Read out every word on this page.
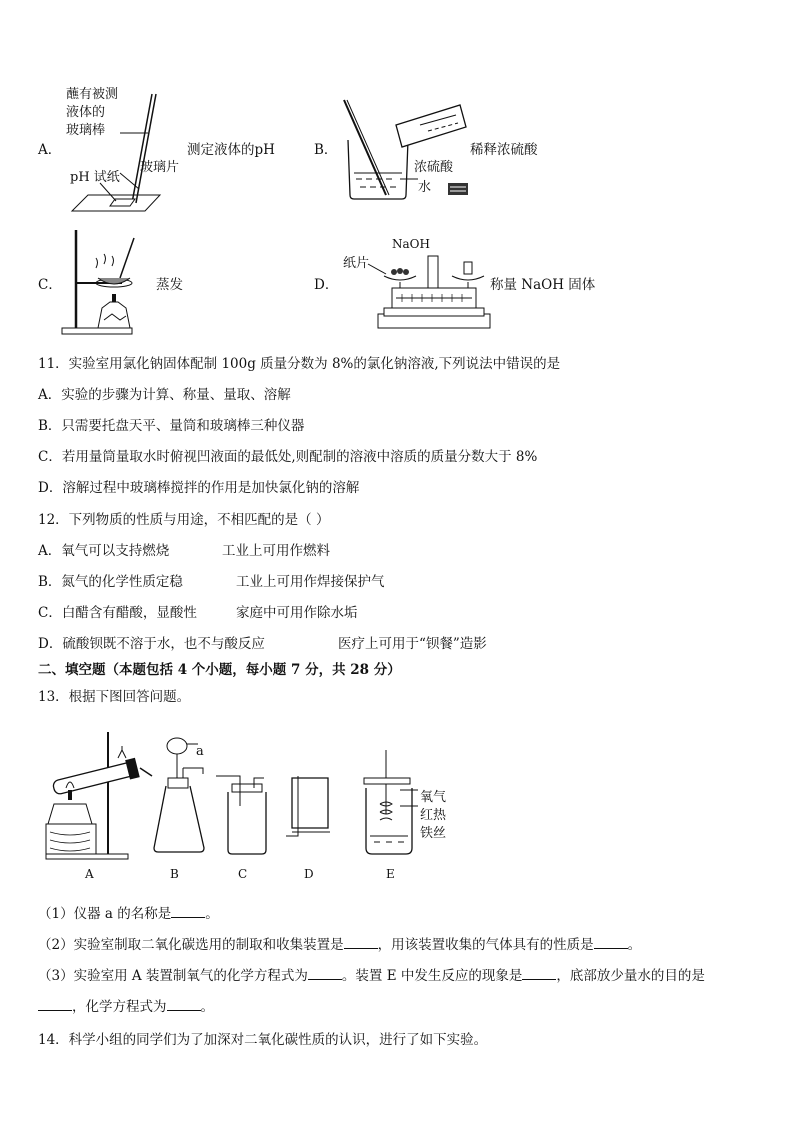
蘸有被测
液体的
玻璃棒
A．	测定液体的pH
玻璃片
pH 试纸
B．	稀释浓硫酸
浓硫酸
水
C．	蒸发	D．
NaOH
纸片
称量 NaOH 固体
11．实验室用氯化钠固体配制 100g 质量分数为 8%的氯化钠溶液,下列说法中错误的是
A．实验的步骤为计算、称量、量取、溶解
B．只需要托盘天平、量筒和玻璃棒三种仪器
C．若用量筒量取水时俯视凹液面的最低处,则配制的溶液中溶质的质量分数大于 8%
D．溶解过程中玻璃棒搅拌的作用是加快氯化钠的溶解
12．下列物质的性质与用途，不相匹配的是（ ）
A．氧气可以支持燃烧	工业上可用作燃料
B．氮气的化学性质定稳	工业上可用作焊接保护气
C．白醋含有醋酸，显酸性	家庭中可用作除水垢
D．硫酸钡既不溶于水，也不与酸反应	医疗上可用于“钡餐”造影
二、填空题（本题包括 4 个小题，每小题 7 分，共 28 分）
13．根据下图回答问题。
a
氧气
红热
铁丝
A	B	C	D	E
（1）仪器 a 的名称是	。
（2）实验室制取二氧化碳选用的制取和收集装置是	，用该装置收集的气体具有的性质是	。
（3）实验室用 A 装置制氧气的化学方程式为	。装置 E 中发生反应的现象是	，底部放少量水的目的是
，化学方程式为	。
14．科学小组的同学们为了加深对二氧化碳性质的认识，进行了如下实验。
